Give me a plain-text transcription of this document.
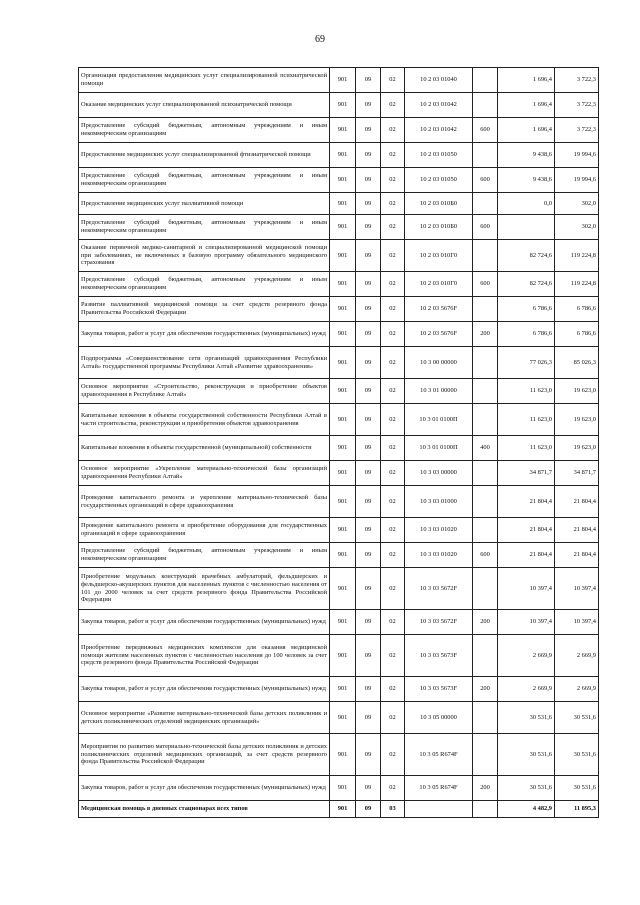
69
Организация предоставления медицинских услуг специализированной психиатрической помощи	901	09	02	10 2 03 01040		1 696,4	3 722,3
Оказание медицинских услуг специализированной психиатрической помощи	901	09	02	10 2 03 01042		1 696,4	3 722,3
Предоставление субсидий бюджетным, автономным учреждениям и иным некоммерческим организациям	901	09	02	10 2 03 01042	600	1 696,4	3 722,3
Предоставление медицинских услуг специализированной фтизиатрической помощи	901	09	02	10 2 03 01050		9 438,6	19 994,6
Предоставление субсидий бюджетным, автономным учреждениям и иным некоммерческим организациям	901	09	02	10 2 03 01050	600	9 438,6	19 994,6
Предоставление медицинских услуг паллиативной помощи	901	09	02	10 2 03 010Б0		0,0	302,0
Предоставление субсидий бюджетным, автономным учреждениям и иным некоммерческим организациям	901	09	02	10 2 03 010Б0	600		302,0
Оказание первичной медико-санитарной и специализированной медицинской помощи при заболеваниях, не включенных в базовую программу обязательного медицинского страхования	901	09	02	10 2 03 010Г0		82 724,6	119 224,8
Предоставление субсидий бюджетным, автономным учреждениям и иным некоммерческим организациям	901	09	02	10 2 03 010Г0	600	82 724,6	119 224,8
Развитие паллиативной медицинской помощи за счет средств резервного фонда Правительства Российской Федерации	901	09	02	10 2 03 5676F		6 786,6	6 786,6
Закупка товаров, работ и услуг для обеспечения государственных (муниципальных) нужд	901	09	02	10 2 03 5676F	200	6 786,6	6 786,6
Подпрограмма «Совершенствование сети организаций здравоохранения Республики Алтай» государственной программы Республики Алтай «Развитие здравоохранения»	901	09	02	10 3 00 00000		77 026,3	85 026,3
Основное мероприятие «Строительство, реконструкция и приобретение объектов здравоохранения в Республике Алтай»	901	09	02	10 3 01 00000		11 623,0	19 623,0
Капитальные вложения в объекты государственной собственности Республики Алтай в части строительства, реконструкции и приобретения объектов здравоохранения	901	09	02	10 3 01 0100П		11 623,0	19 623,0
Капитальные вложения в объекты государственной (муниципальной) собственности	901	09	02	10 3 01 0100П	400	11 623,0	19 623,0
Основное мероприятие «Укрепление материально-технической базы организаций здравоохранения Республики Алтай»	901	09	02	10 3 03 00000		34 871,7	34 871,7
Проведение капитального ремонта и укрепление материально-технической базы государственных организаций в сфере здравоохранения	901	09	02	10 3 03 01000		21 804,4	21 804,4
Проведение капитального ремонта и приобретение оборудования для государственных организаций в сфере здравоохранения	901	09	02	10 3 03 01020		21 804,4	21 804,4
Предоставление субсидий бюджетным, автономным учреждениям и иным некоммерческим организациям	901	09	02	10 3 03 01020	600	21 804,4	21 804,4
Приобретение модульных конструкций врачебных амбулаторий, фельдшерских и фельдшерско-акушерских пунктов для населенных пунктов с численностью населения от 101 до 2000 человек за счет средств резервного фонда Правительства Российской Федерации	901	09	02	10 3 03 5672F		10 397,4	10 397,4
Закупка товаров, работ и услуг для обеспечения государственных (муниципальных) нужд	901	09	02	10 3 03 5672F	200	10 397,4	10 397,4
Приобретение передвижных медицинских комплексов для оказания медицинской помощи жителям населенных пунктов с численностью населения до 100 человек за счет средств резервного фонда Правительства Российской Федерации	901	09	02	10 3 03 5673F		2 669,9	2 669,9
Закупка товаров, работ и услуг для обеспечения государственных (муниципальных) нужд	901	09	02	10 3 03 5673F	200	2 669,9	2 669,9
Основное мероприятие «Развитие материально-технической базы детских поликлиник и детских поликлинических отделений медицинских организаций»	901	09	02	10 3 05 00000		30 531,6	30 531,6
Мероприятия по развитию материально-технической базы детских поликлиник и детских поликлинических отделений медицинских организаций, за счет средств резервного фонда Правительства Российской Федерации	901	09	02	10 3 05 R674F		30 531,6	30 531,6
Закупка товаров, работ и услуг для обеспечения государственных (муниципальных) нужд	901	09	02	10 3 05 R674F	200	30 531,6	30 531,6
Медицинская помощь в дневных стационарах всех типов	901	09	03			4 482,9	11 895,3
